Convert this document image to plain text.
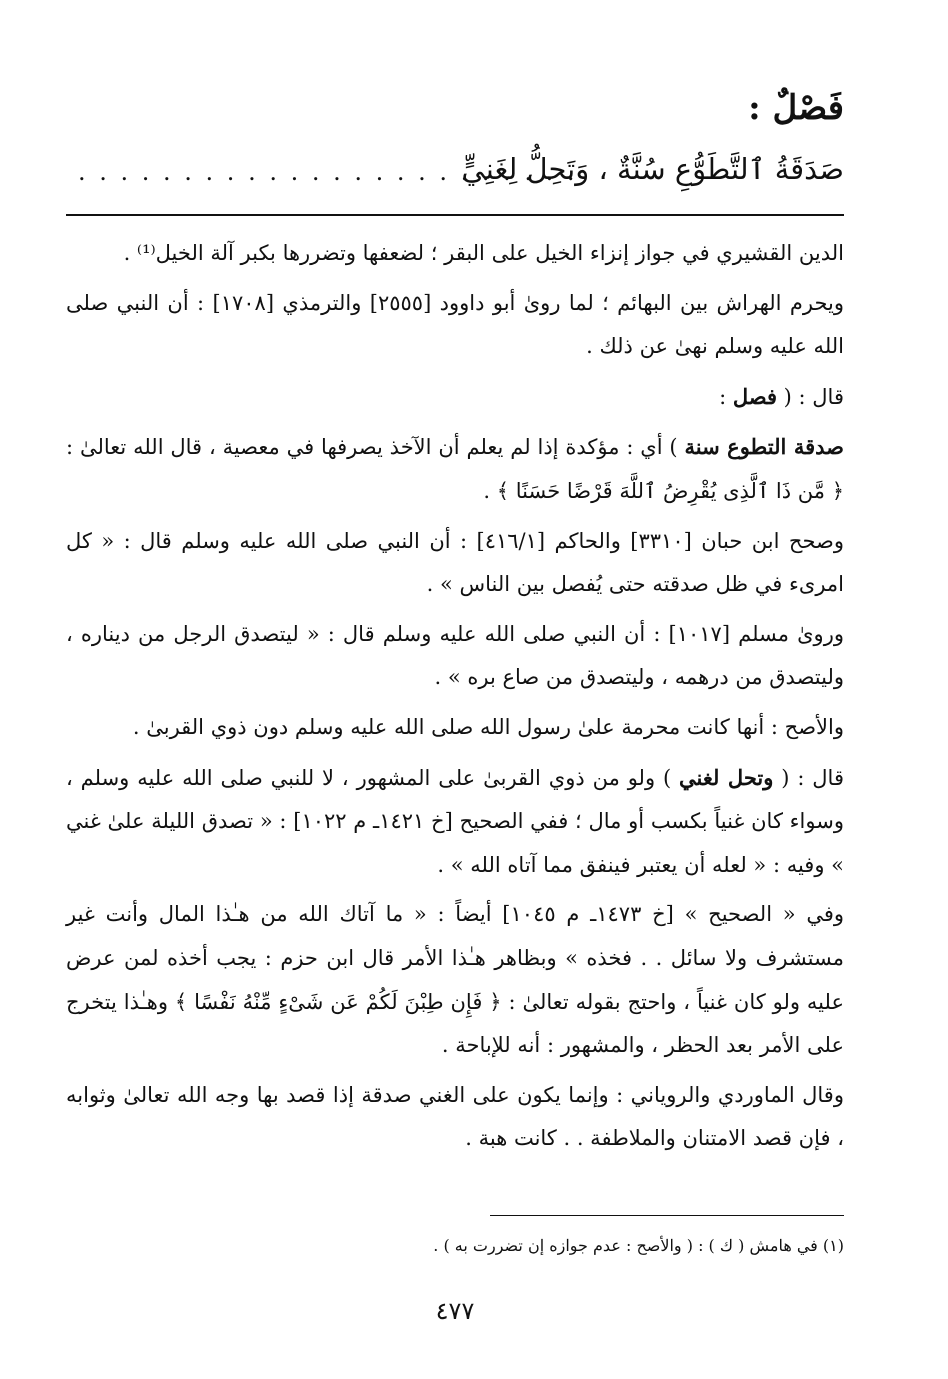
فَصْلٌ :
صَدَقَةُ ٱلتَّطَوُّعِ سُنَّةٌ ، وَتَحِلُّ لِغَنِيٍّ
. . . . . . . . . . . . . . . . . . . . . . . .

الدين القشيري في جواز إنزاء الخيل على البقر ؛ لضعفها وتضررها بكبر آلة الخيل⁽¹⁾ .

ويحرم الهراش بين البهائم ؛ لما روىٰ أبو داوود [٢٥٥٥] والترمذي [١٧٠٨] : أن النبي صلى الله عليه وسلم نهىٰ عن ذلك .

قال : ( فصل :

صدقة التطوع سنة ) أي : مؤكدة إذا لم يعلم أن الآخذ يصرفها في معصية ، قال الله تعالىٰ : ﴿ مَّن ذَا ٱلَّذِى يُقْرِضُ ٱللَّهَ قَرْضًا حَسَنًا ﴾ .

وصحح ابن حبان [٣٣١٠] والحاكم [٤١٦/١] : أن النبي صلى الله عليه وسلم قال : « كل امرىء في ظل صدقته حتى يُفصل بين الناس » .

وروىٰ مسلم [١٠١٧] : أن النبي صلى الله عليه وسلم قال : « ليتصدق الرجل من ديناره ، وليتصدق من درهمه ، وليتصدق من صاع بره » .

والأصح : أنها كانت محرمة علىٰ رسول الله صلى الله عليه وسلم دون ذوي القربىٰ .

قال : ( وتحل لغني ) ولو من ذوي القربىٰ على المشهور ، لا للنبي صلى الله عليه وسلم ، وسواء كان غنياً بكسب أو مال ؛ ففي الصحيح [خ ١٤٢١ـ م ١٠٢٢] : « تصدق الليلة علىٰ غني » وفيه : « لعله أن يعتبر فينفق مما آتاه الله » .

وفي « الصحيح » [خ ١٤٧٣ـ م ١٠٤٥] أيضاً : « ما آتاك الله من هـٰذا المال وأنت غير مستشرف ولا سائل . . فخذه » وبظاهر هـٰذا الأمر قال ابن حزم : يجب أخذه لمن عرض عليه ولو كان غنياً ، واحتج بقوله تعالىٰ : ﴿ فَإِن طِبْنَ لَكُمْ عَن شَىْءٍ مِّنْهُ نَفْسًا ﴾ وهـٰذا يتخرج على الأمر بعد الحظر ، والمشهور : أنه للإباحة .

وقال الماوردي والروياني : وإنما يكون على الغني صدقة إذا قصد بها وجه الله تعالىٰ وثوابه ، فإن قصد الامتنان والملاطفة . . كانت هبة .

(١) في هامش ( ك ) : ( والأصح : عدم جوازه إن تضررت به ) .
٤٧٧
